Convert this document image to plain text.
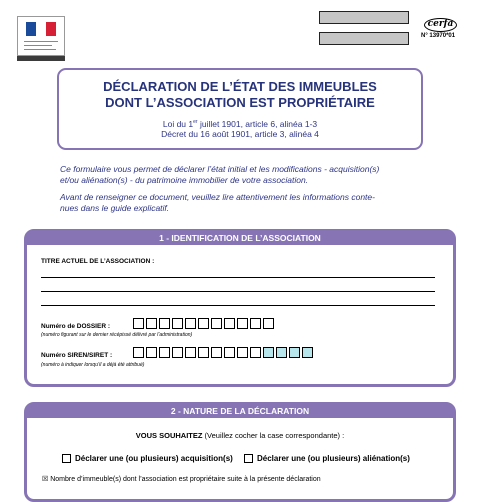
cerfa
N° 13970*01
DÉCLARATION DE L’ÉTAT DES IMMEUBLES
DONT L’ASSOCIATION EST PROPRIÉTAIRE
Loi du 1er juillet 1901, article 6, alinéa 1-3
Décret du 16 août 1901, article 3, alinéa 4
Ce formulaire vous permet de déclarer l’état initial et les modifications - acquisition(s)
et/ou aliénation(s) - du patrimoine immobilier de votre association.
Avant de renseigner ce document, veuillez lire attentivement les informations conte-
nues dans le guide explicatif.
1 - IDENTIFICATION DE L’ASSOCIATION
TITRE ACTUEL DE L’ASSOCIATION :
Numéro de DOSSIER :
(numéro figurant sur le dernier récépissé délivré par l’administration)
Numéro SIREN/SIRET :
(numéro à indiquer lorsqu’il a déjà été attribué)
2 - NATURE DE LA DÉCLARATION
VOUS SOUHAITEZ (Veuillez cocher la case correspondante) :
Déclarer une (ou plusieurs) acquisition(s)	Déclarer une (ou plusieurs) aliénation(s)
☒ Nombre d’immeuble(s) dont l’association est propriétaire suite à la présente déclaration
